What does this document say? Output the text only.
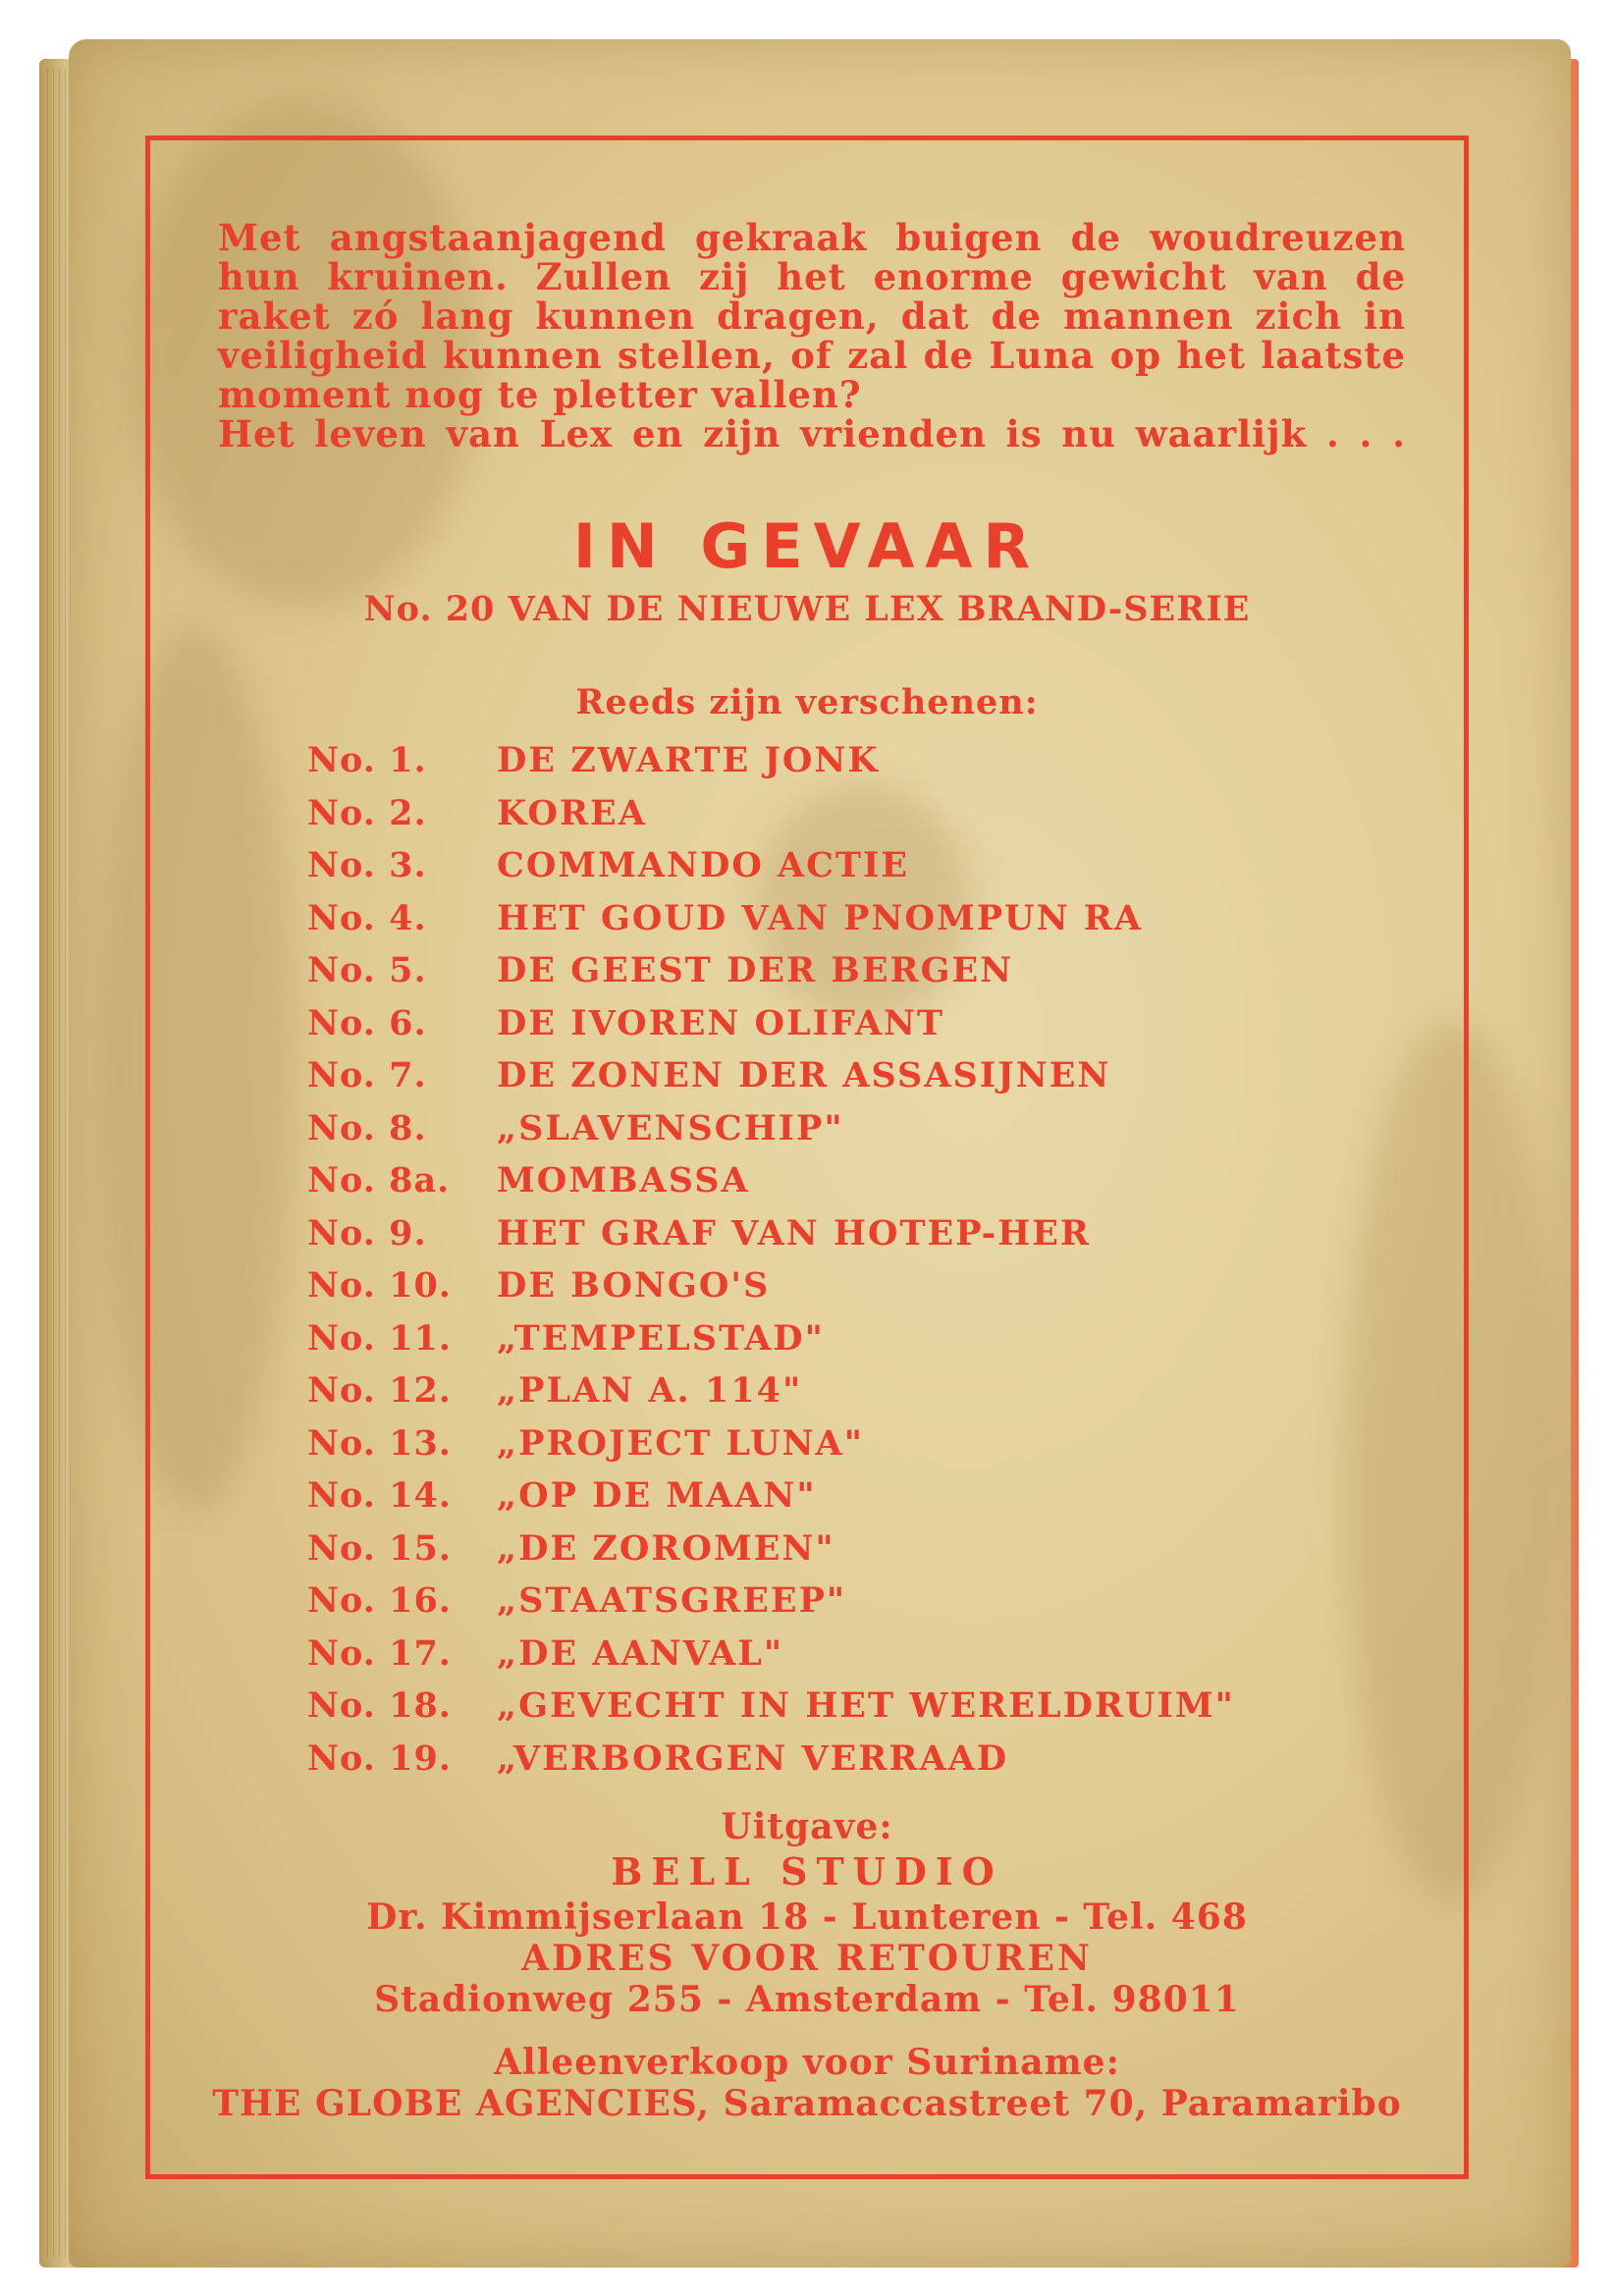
Met angstaanjagend gekraak buigen de woudreuzen
hun kruinen. Zullen zij het enorme gewicht van de
raket zó lang kunnen dragen, dat de mannen zich in
veiligheid kunnen stellen, of zal de Luna op het laatste
moment nog te pletter vallen?
Het leven van Lex en zijn vrienden is nu waarlijk . . .
IN GEVAAR
No. 20 VAN DE NIEUWE LEX BRAND-SERIE
Reeds zijn verschenen:
No. 1.	DE ZWARTE JONK
No. 2.	KOREA
No. 3.	COMMANDO ACTIE
No. 4.	HET GOUD VAN PNOMPUN RA
No. 5.	DE GEEST DER BERGEN
No. 6.	DE IVOREN OLIFANT
No. 7.	DE ZONEN DER ASSASIJNEN
No. 8.	„SLAVENSCHIP"
No. 8a.	MOMBASSA
No. 9.	HET GRAF VAN HOTEP-HER
No. 10.	DE BONGO'S
No. 11.	„TEMPELSTAD"
No. 12.	„PLAN A. 114"
No. 13.	„PROJECT LUNA"
No. 14.	„OP DE MAAN"
No. 15.	„DE ZOROMEN"
No. 16.	„STAATSGREEP"
No. 17.	„DE AANVAL"
No. 18.	„GEVECHT IN HET WERELDRUIM"
No. 19.	„VERBORGEN VERRAAD
Uitgave:
BELL STUDIO
Dr. Kimmijserlaan 18 - Lunteren - Tel. 468
ADRES VOOR RETOUREN
Stadionweg 255 - Amsterdam - Tel. 98011
Alleenverkoop voor Suriname:
THE GLOBE AGENCIES, Saramaccastreet 70, Paramaribo
